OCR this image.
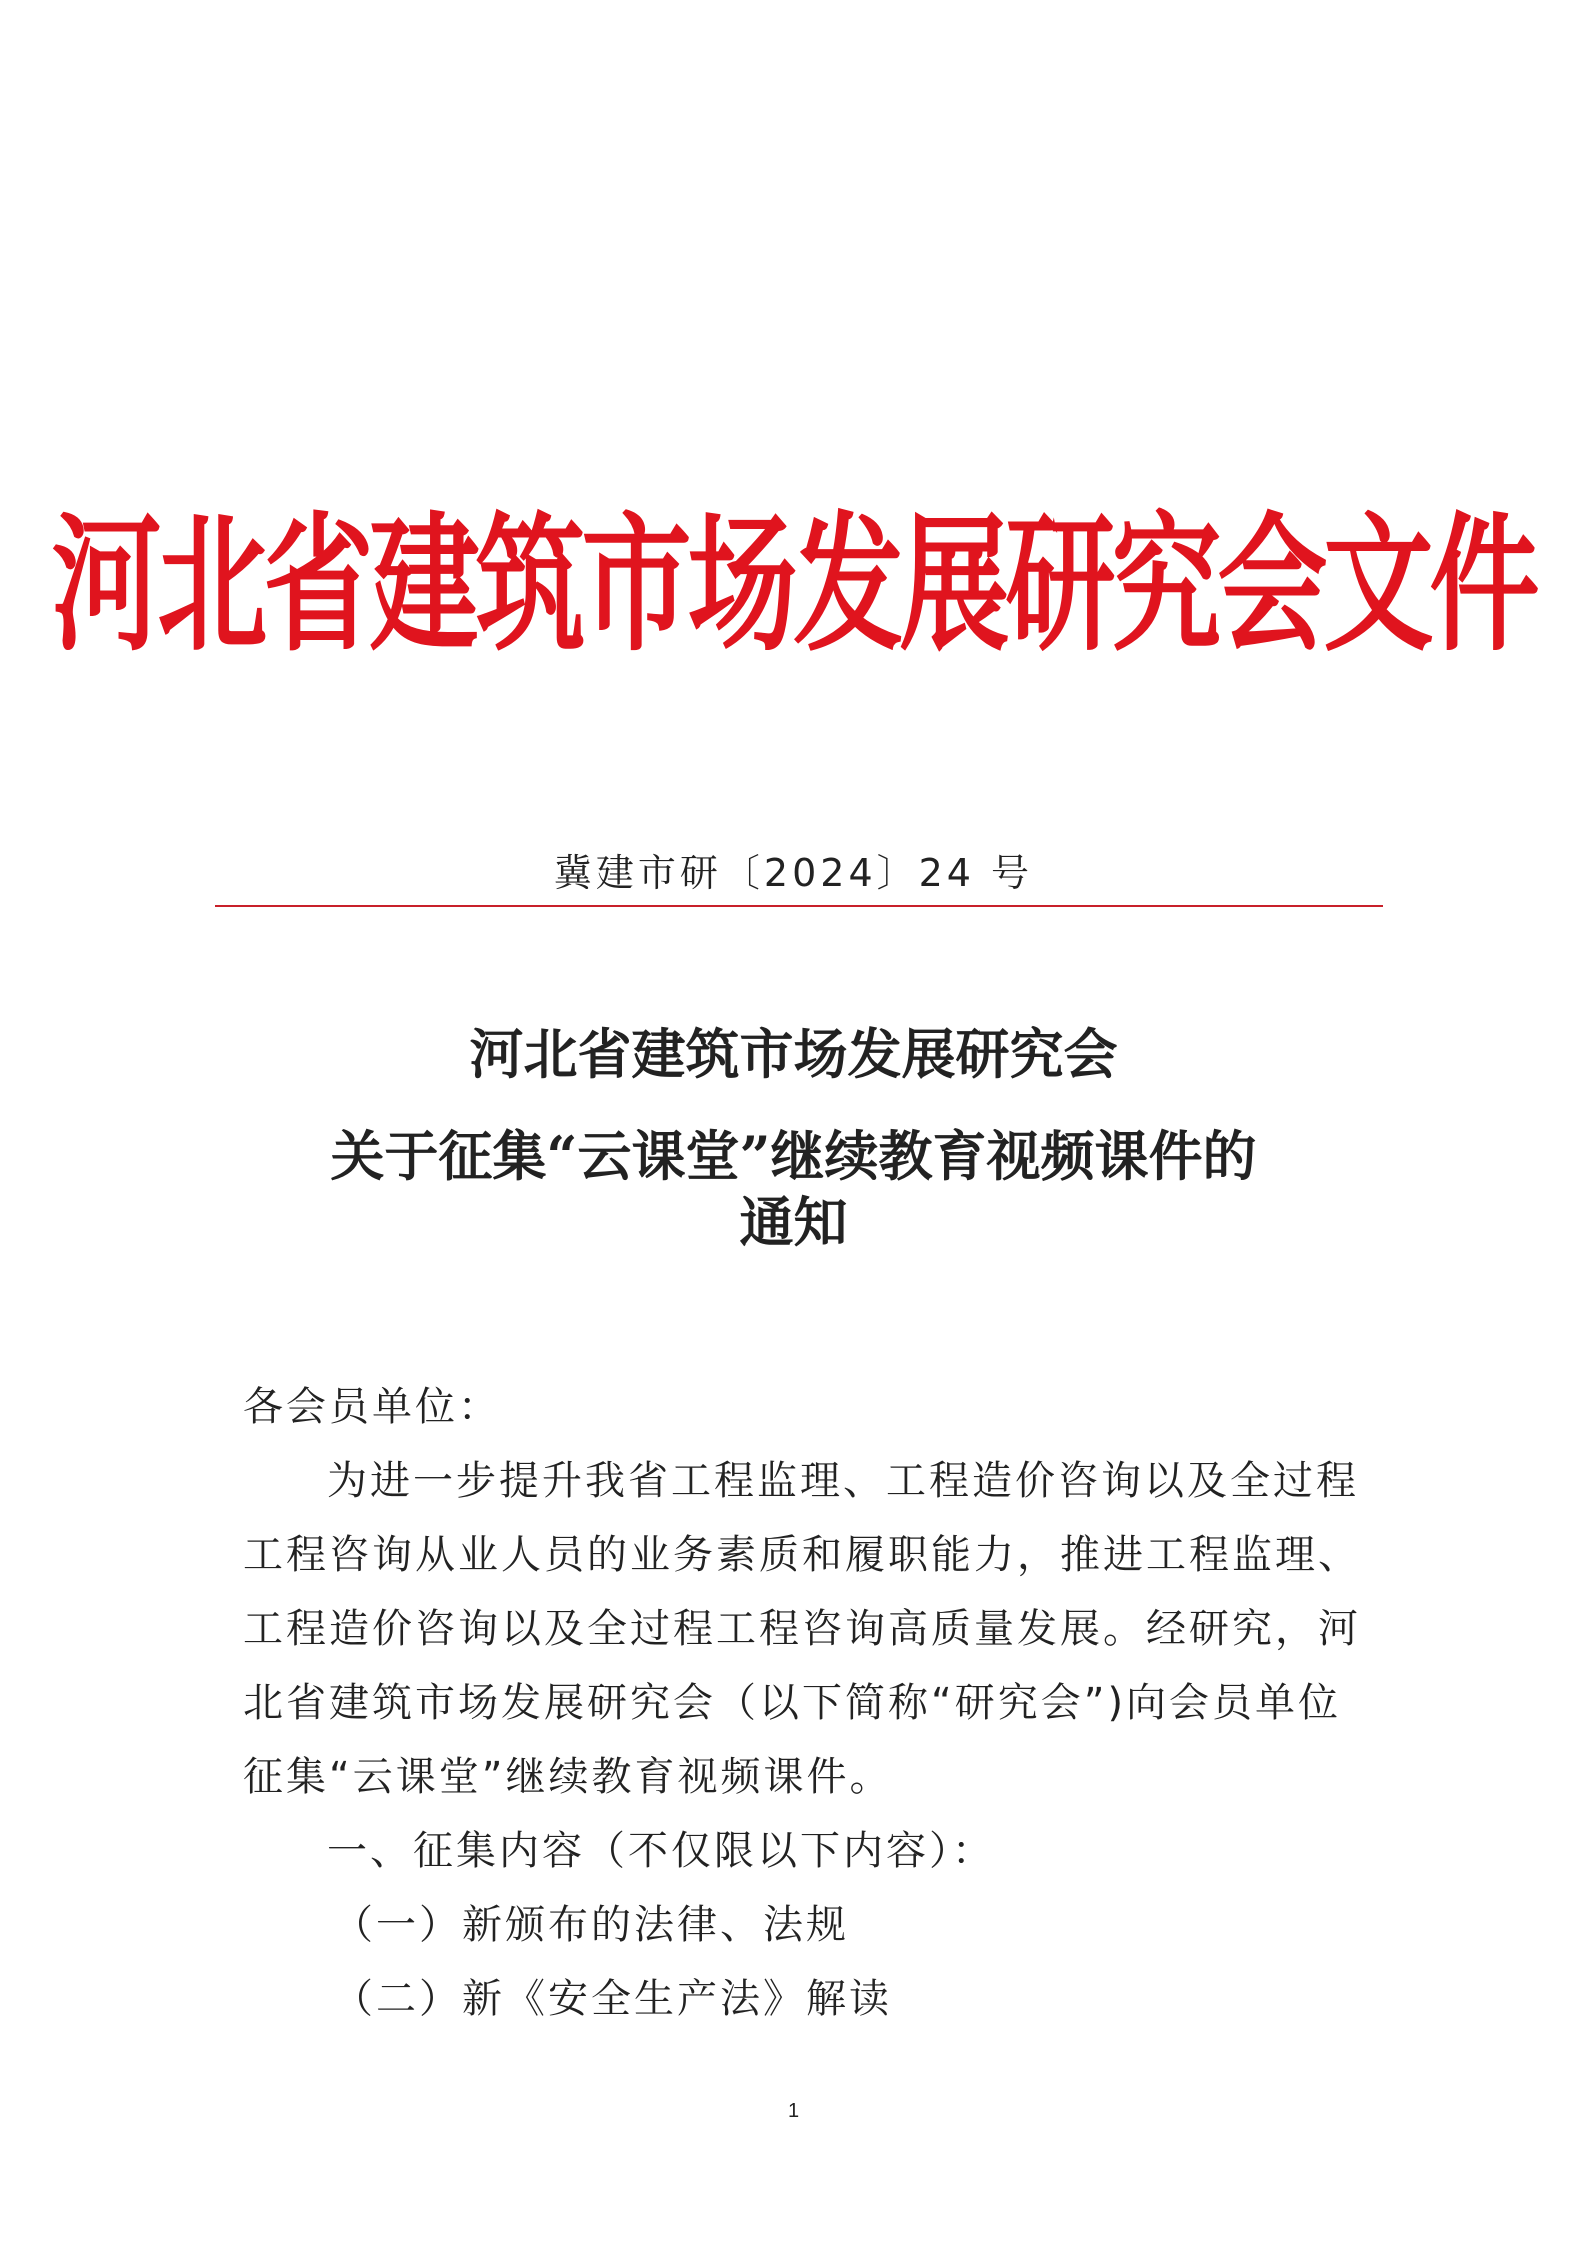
河北省建筑市场发展研究会文件
冀建市研〔2024〕24 号
河北省建筑市场发展研究会
关于征集“云课堂”继续教育视频课件的
通知

各会员单位：

为进一步提升我省工程监理、工程造价咨询以及全过程

工程咨询从业人员的业务素质和履职能力，推进工程监理、

工程造价咨询以及全过程工程咨询高质量发展。经研究，河

北省建筑市场发展研究会（以下简称“研究会”)向会员单位

征集“云课堂”继续教育视频课件。

一、征集内容（不仅限以下内容）：

（一）新颁布的法律、法规

（二）新《安全生产法》解读

1
